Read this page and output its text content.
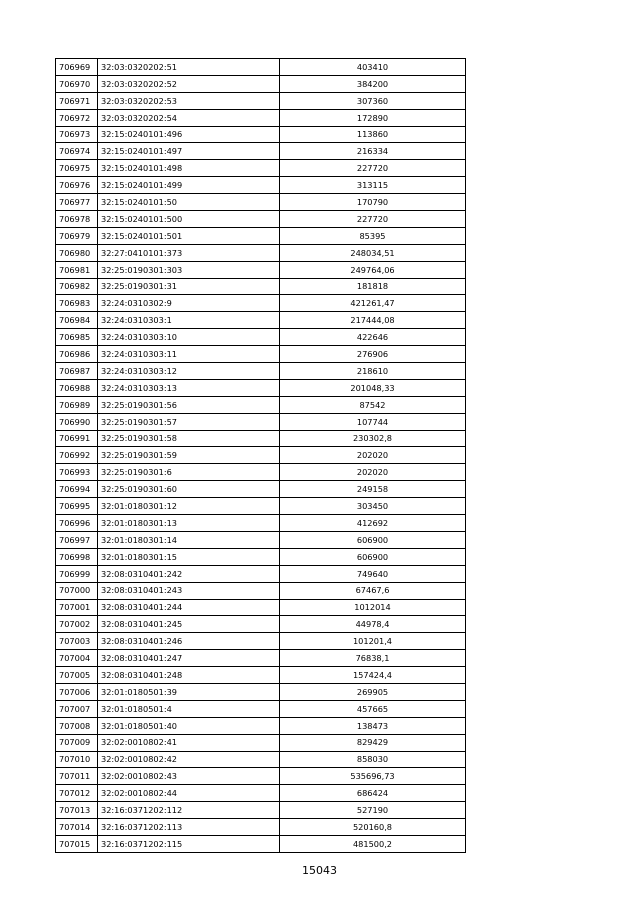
706969	32:03:0320202:51	403410
706970	32:03:0320202:52	384200
706971	32:03:0320202:53	307360
706972	32:03:0320202:54	172890
706973	32:15:0240101:496	113860
706974	32:15:0240101:497	216334
706975	32:15:0240101:498	227720
706976	32:15:0240101:499	313115
706977	32:15:0240101:50	170790
706978	32:15:0240101:500	227720
706979	32:15:0240101:501	85395
706980	32:27:0410101:373	248034,51
706981	32:25:0190301:303	249764,06
706982	32:25:0190301:31	181818
706983	32:24:0310302:9	421261,47
706984	32:24:0310303:1	217444,08
706985	32:24:0310303:10	422646
706986	32:24:0310303:11	276906
706987	32:24:0310303:12	218610
706988	32:24:0310303:13	201048,33
706989	32:25:0190301:56	87542
706990	32:25:0190301:57	107744
706991	32:25:0190301:58	230302,8
706992	32:25:0190301:59	202020
706993	32:25:0190301:6	202020
706994	32:25:0190301:60	249158
706995	32:01:0180301:12	303450
706996	32:01:0180301:13	412692
706997	32:01:0180301:14	606900
706998	32:01:0180301:15	606900
706999	32:08:0310401:242	749640
707000	32:08:0310401:243	67467,6
707001	32:08:0310401:244	1012014
707002	32:08:0310401:245	44978,4
707003	32:08:0310401:246	101201,4
707004	32:08:0310401:247	76838,1
707005	32:08:0310401:248	157424,4
707006	32:01:0180501:39	269905
707007	32:01:0180501:4	457665
707008	32:01:0180501:40	138473
707009	32:02:0010802:41	829429
707010	32:02:0010802:42	858030
707011	32:02:0010802:43	535696,73
707012	32:02:0010802:44	686424
707013	32:16:0371202:112	527190
707014	32:16:0371202:113	520160,8
707015	32:16:0371202:115	481500,2
15043
